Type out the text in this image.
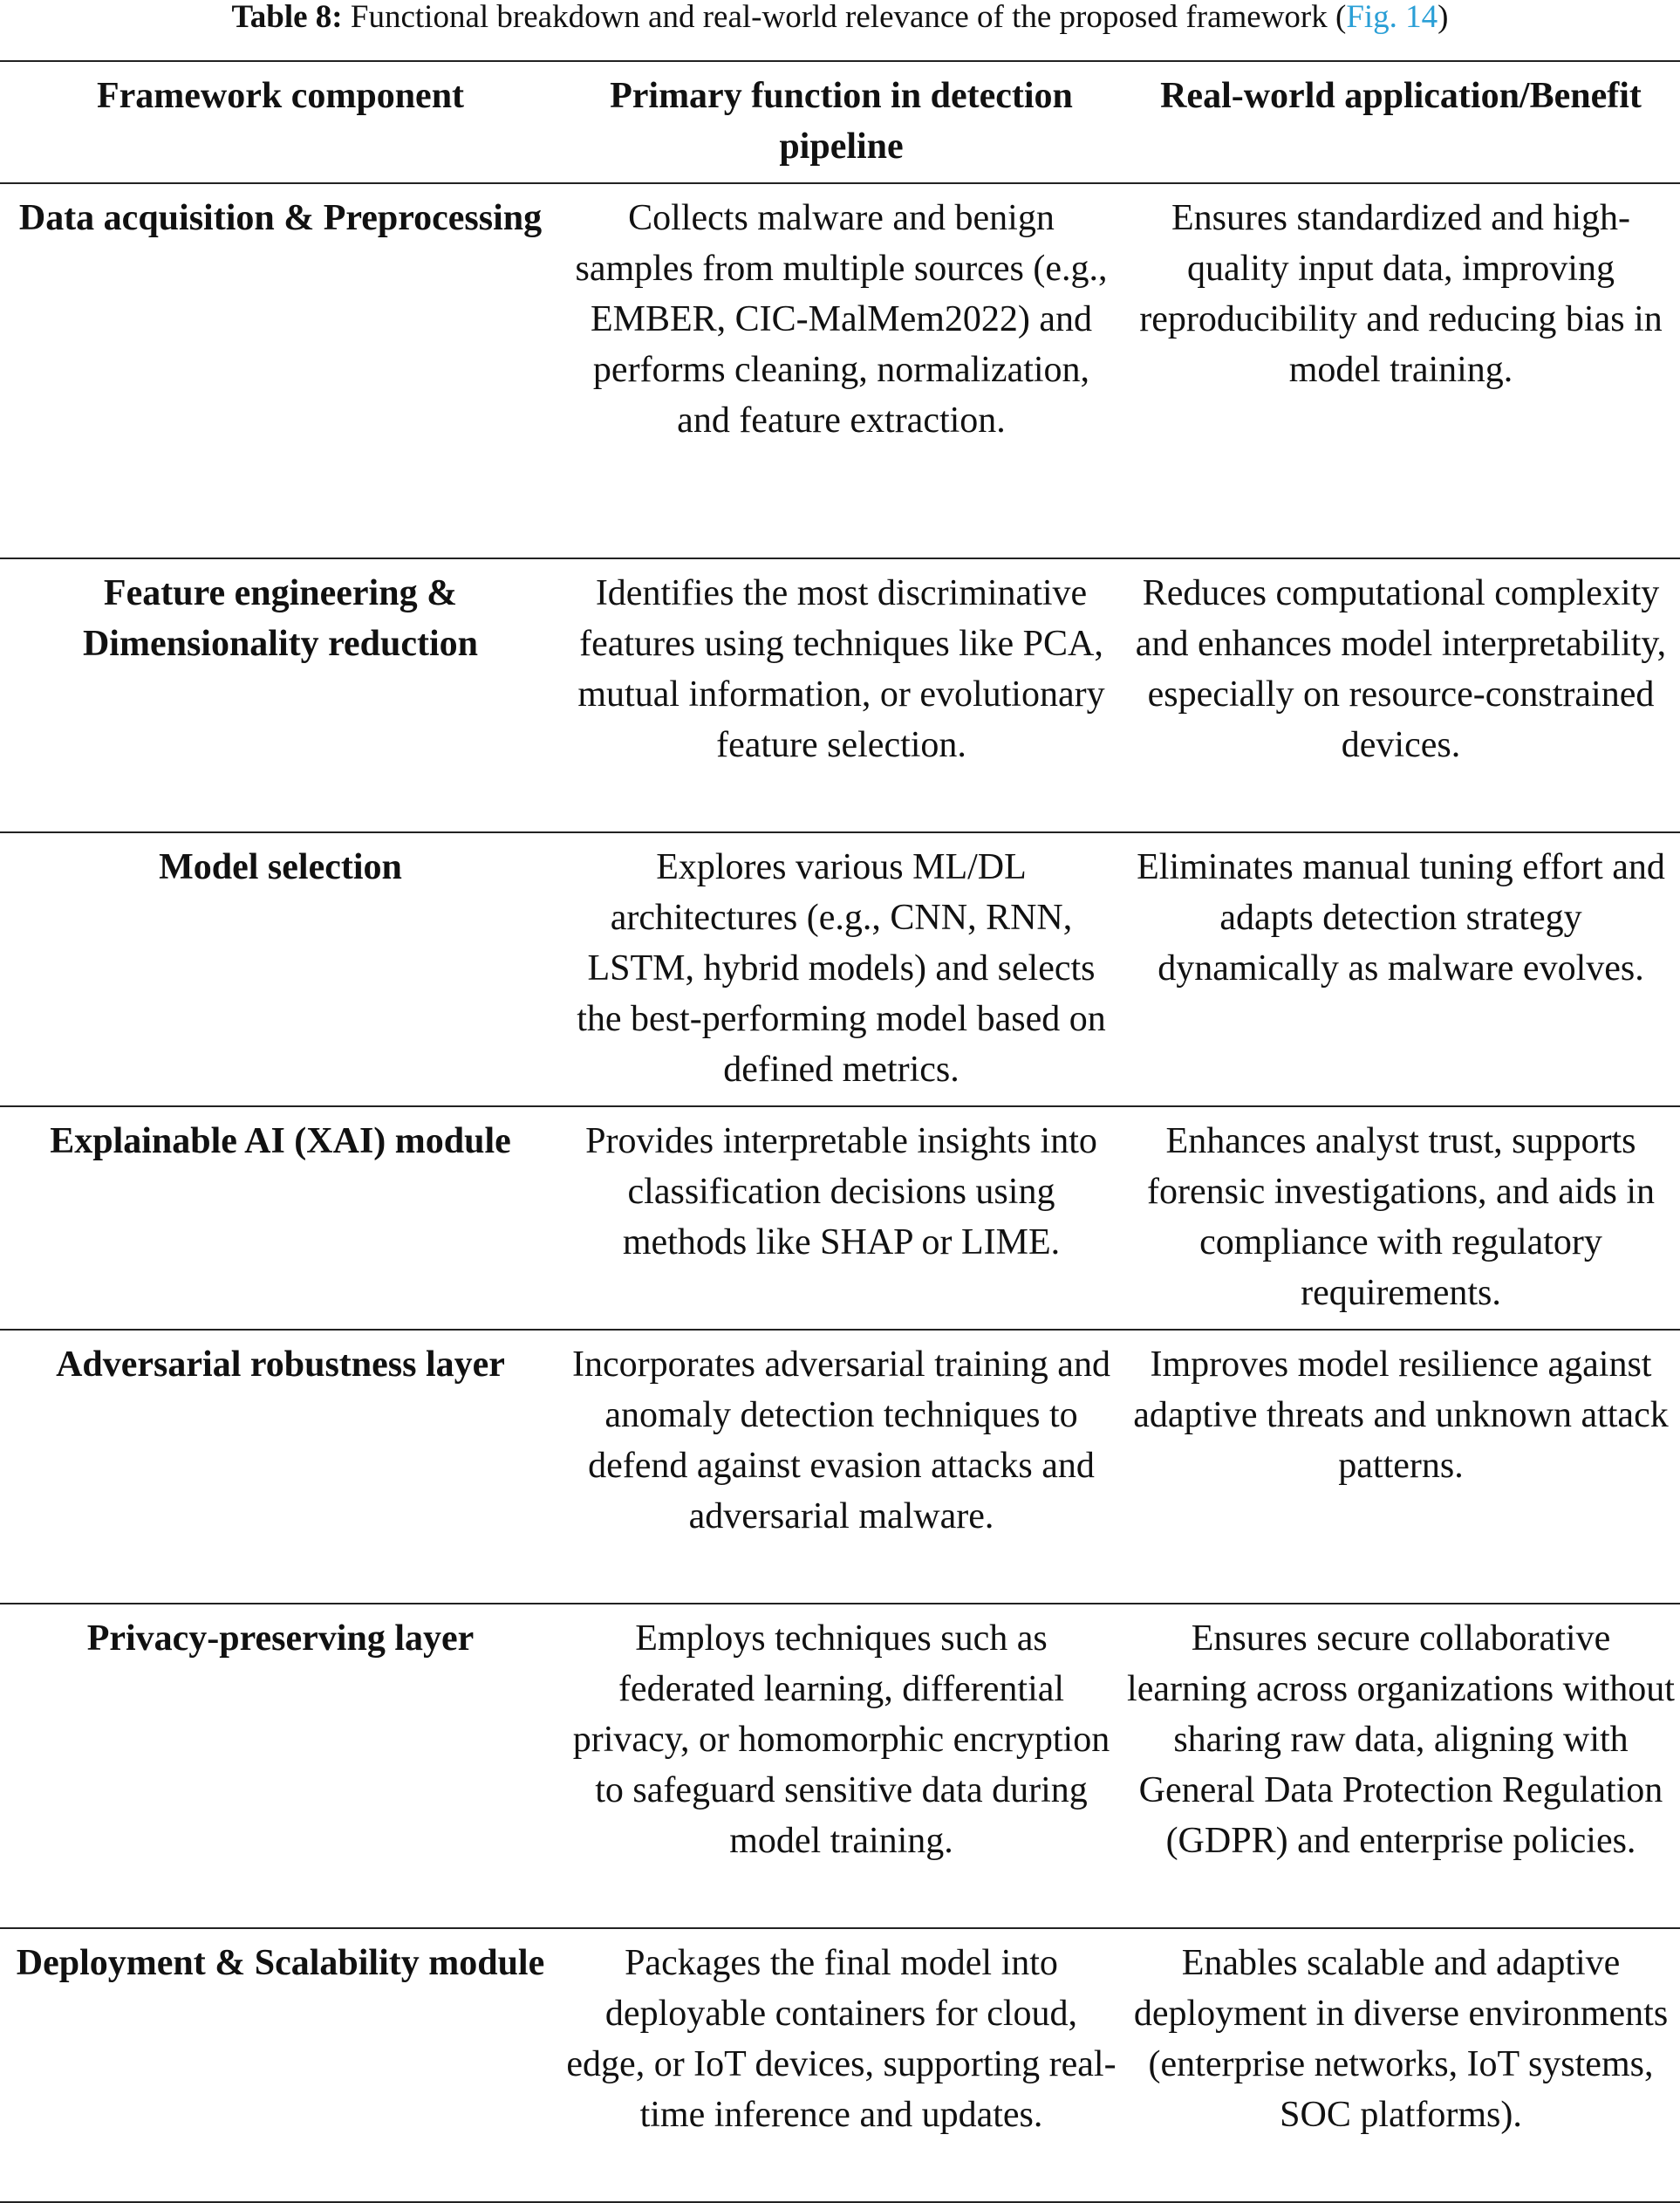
Table 8: Functional breakdown and real-world relevance of the proposed framework (Fig. 14)
Framework component	Primary function in detection pipeline	Real-world application/Benefit
Data acquisition & Preprocessing	Collects malware and benign samples from multiple sources (e.g., EMBER, CIC-MalMem2022) and performs cleaning, normalization, and feature extraction.	Ensures standardized and high-quality input data, improving reproducibility and reducing bias in model training.
Feature engineering & Dimensionality reduction	Identifies the most discriminative features using techniques like PCA, mutual information, or evolutionary feature selection.	Reduces computational complexity and enhances model interpretability, especially on resource-constrained devices.
Model selection	Explores various ML/DL architectures (e.g., CNN, RNN, LSTM, hybrid models) and selects the best-performing model based on defined metrics.	Eliminates manual tuning effort and adapts detection strategy dynamically as malware evolves.
Explainable AI (XAI) module	Provides interpretable insights into classification decisions using methods like SHAP or LIME.	Enhances analyst trust, supports forensic investigations, and aids in compliance with regulatory requirements.
Adversarial robustness layer	Incorporates adversarial training and anomaly detection techniques to defend against evasion attacks and adversarial malware.	Improves model resilience against adaptive threats and unknown attack patterns.
Privacy-preserving layer	Employs techniques such as federated learning, differential privacy, or homomorphic encryption to safeguard sensitive data during model training.	Ensures secure collaborative learning across organizations without sharing raw data, aligning with General Data Protection Regulation (GDPR) and enterprise policies.
Deployment & Scalability module	Packages the final model into deployable containers for cloud, edge, or IoT devices, supporting real-time inference and updates.	Enables scalable and adaptive deployment in diverse environments (enterprise networks, IoT systems, SOC platforms).
